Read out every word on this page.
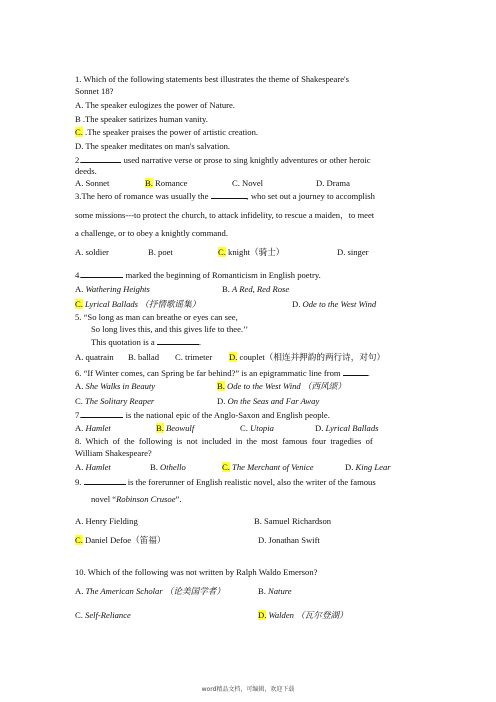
1. Which of the following statements best illustrates the theme of Shakespeare's
Sonnet 18?
A. The speaker eulogizes the power of Nature.
B .The speaker satirizes human vanity.
C. .The speaker praises the power of artistic creation.
D. The speaker meditates on man's salvation.
2.	used narrative verse or prose to sing knightly adventures or other heroic
deeds.
A. Sonnet	B. Romance	C. Novel	D. Drama
3.The hero of romance was usually the	, who set out a journey to accomplish
some missions---to protect the church, to attack infidelity, to rescue a maiden，to meet
a challenge, or to obey a knightly command.
A. soldier	B. poet	C. knight（骑士）	D. singer
4.	marked the beginning of Romanticism in English poetry.
A. Wathering Heights	B. A Red, Red Rose
C. Lyrical Ballads （抒情歌谣集）	D. Ode to the West Wind
5. “So long as man can breathe or eyes can see,
So long lives this, and this gives life to thee.’’
This quotation is a	.
A. quatrain B. ballad C. trimeter D. couplet（相连并押韵的两行诗，对句）
6. “If Winter comes, can Spring be far behind?” is an epigrammatic line from	.
A. She Walks in Beauty	B. Ode to the West Wind （西风颂）
C. The Solitary Reaper	D. On the Seas and Far Away
7.	is the national epic of the Anglo-Saxon and English people.
A. Hamlet	B. Beowulf	C. Utopia	D. Lyrical Ballads
8. Which of the following is not included in the most famous four tragedies of
William Shakespeare?
A. Hamlet	B. Othello	C. The Merchant of Venice	D. King Lear
9.	is the forerunner of English realistic novel, also the writer of the famous
novel “Robinson Crusoe”.
A. Henry Fielding	B. Samuel Richardson
C. Daniel Defoe（笛福）	D. Jonathan Swift
10. Which of the following was not written by Ralph Waldo Emerson?
A. The American Scholar （论美国学者）	B. Nature
C. Self-Reliance	D. Walden （瓦尔登湖）
word精品文档，可编辑，欢迎下载
